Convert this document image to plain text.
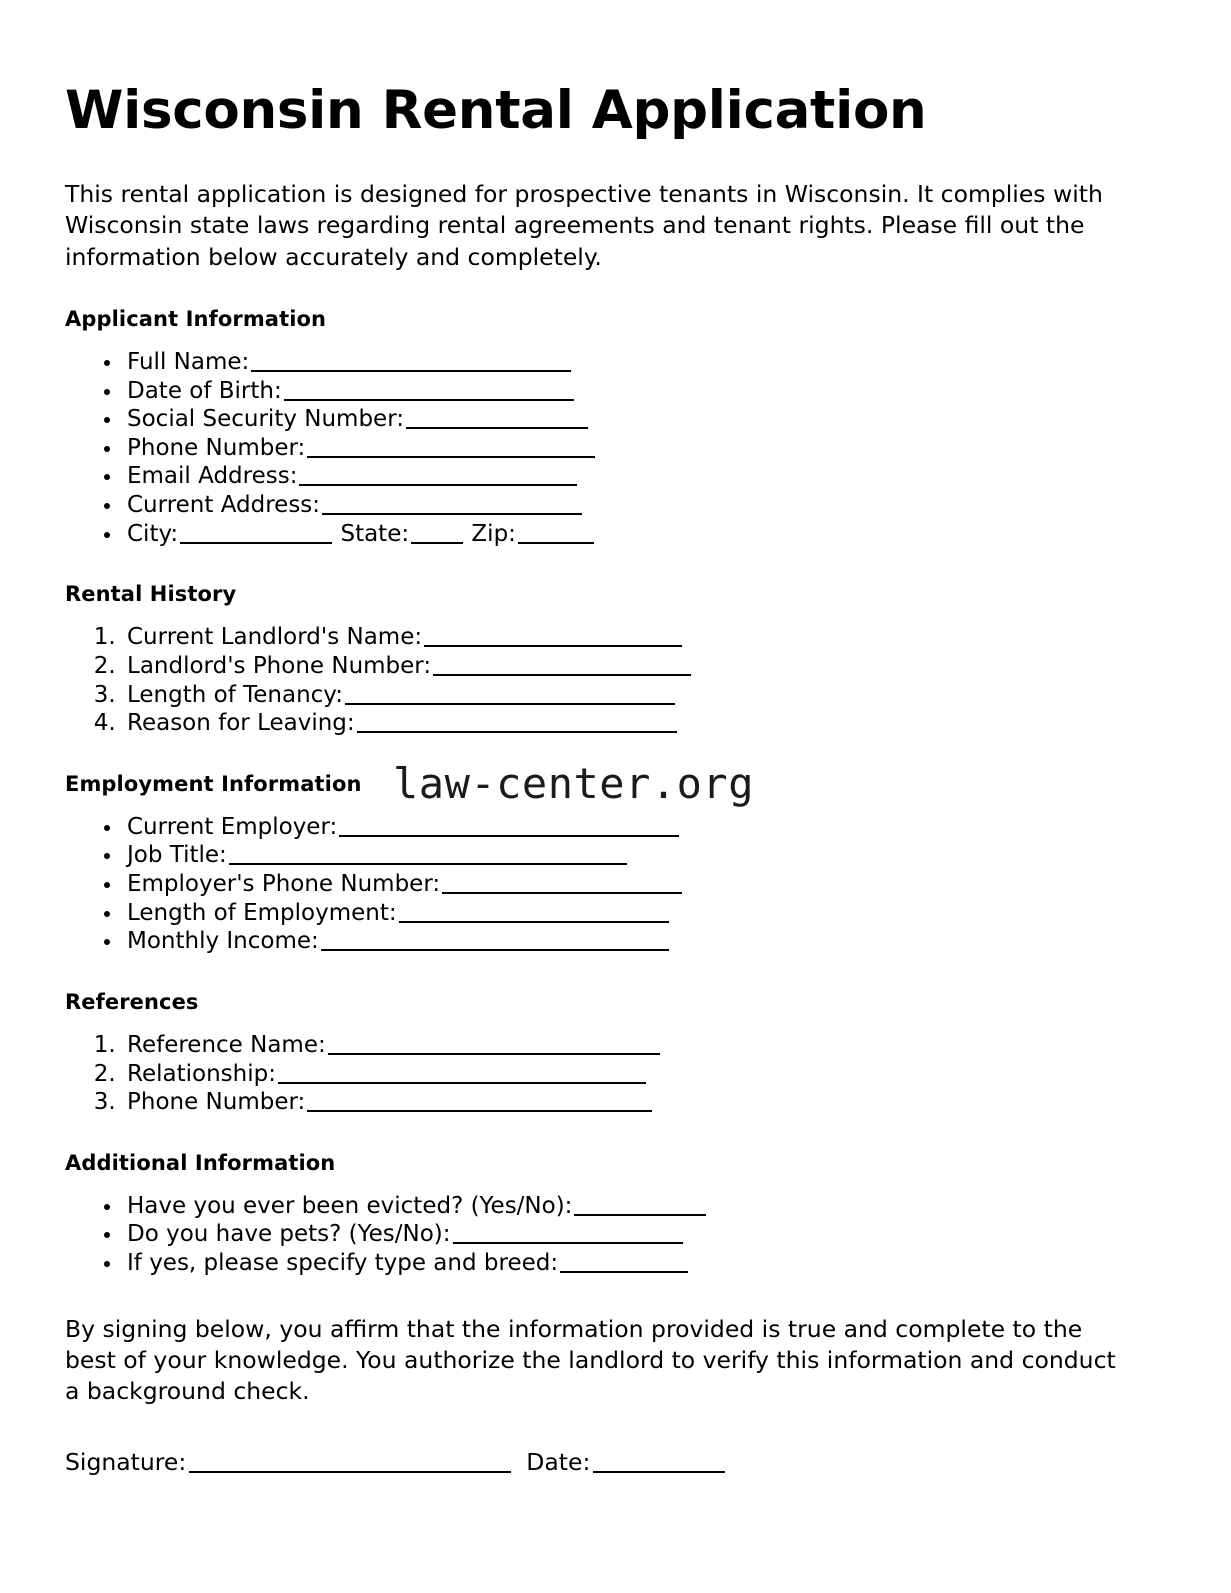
Wisconsin Rental Application

This rental application is designed for prospective tenants in Wisconsin. It complies with Wisconsin state laws regarding rental agreements and tenant rights. Please fill out the information below accurately and completely.

Applicant Information
• Full Name:
• Date of Birth:
• Social Security Number:
• Phone Number:
• Email Address:
• Current Address:
• City:	State:	Zip:
Rental History
1. Current Landlord's Name:
2. Landlord's Phone Number:
3. Length of Tenancy:
4. Reason for Leaving:
Employment Information
• Current Employer:
• Job Title:
• Employer's Phone Number:
• Length of Employment:
• Monthly Income:
References
1. Reference Name:
2. Relationship:
3. Phone Number:
Additional Information
• Have you ever been evicted? (Yes/No):
• Do you have pets? (Yes/No):
• If yes, please specify type and breed:

By signing below, you affirm that the information provided is true and complete to the best of your knowledge. You authorize the landlord to verify this information and conduct a background check.

Signature:	Date:
law-center.org
